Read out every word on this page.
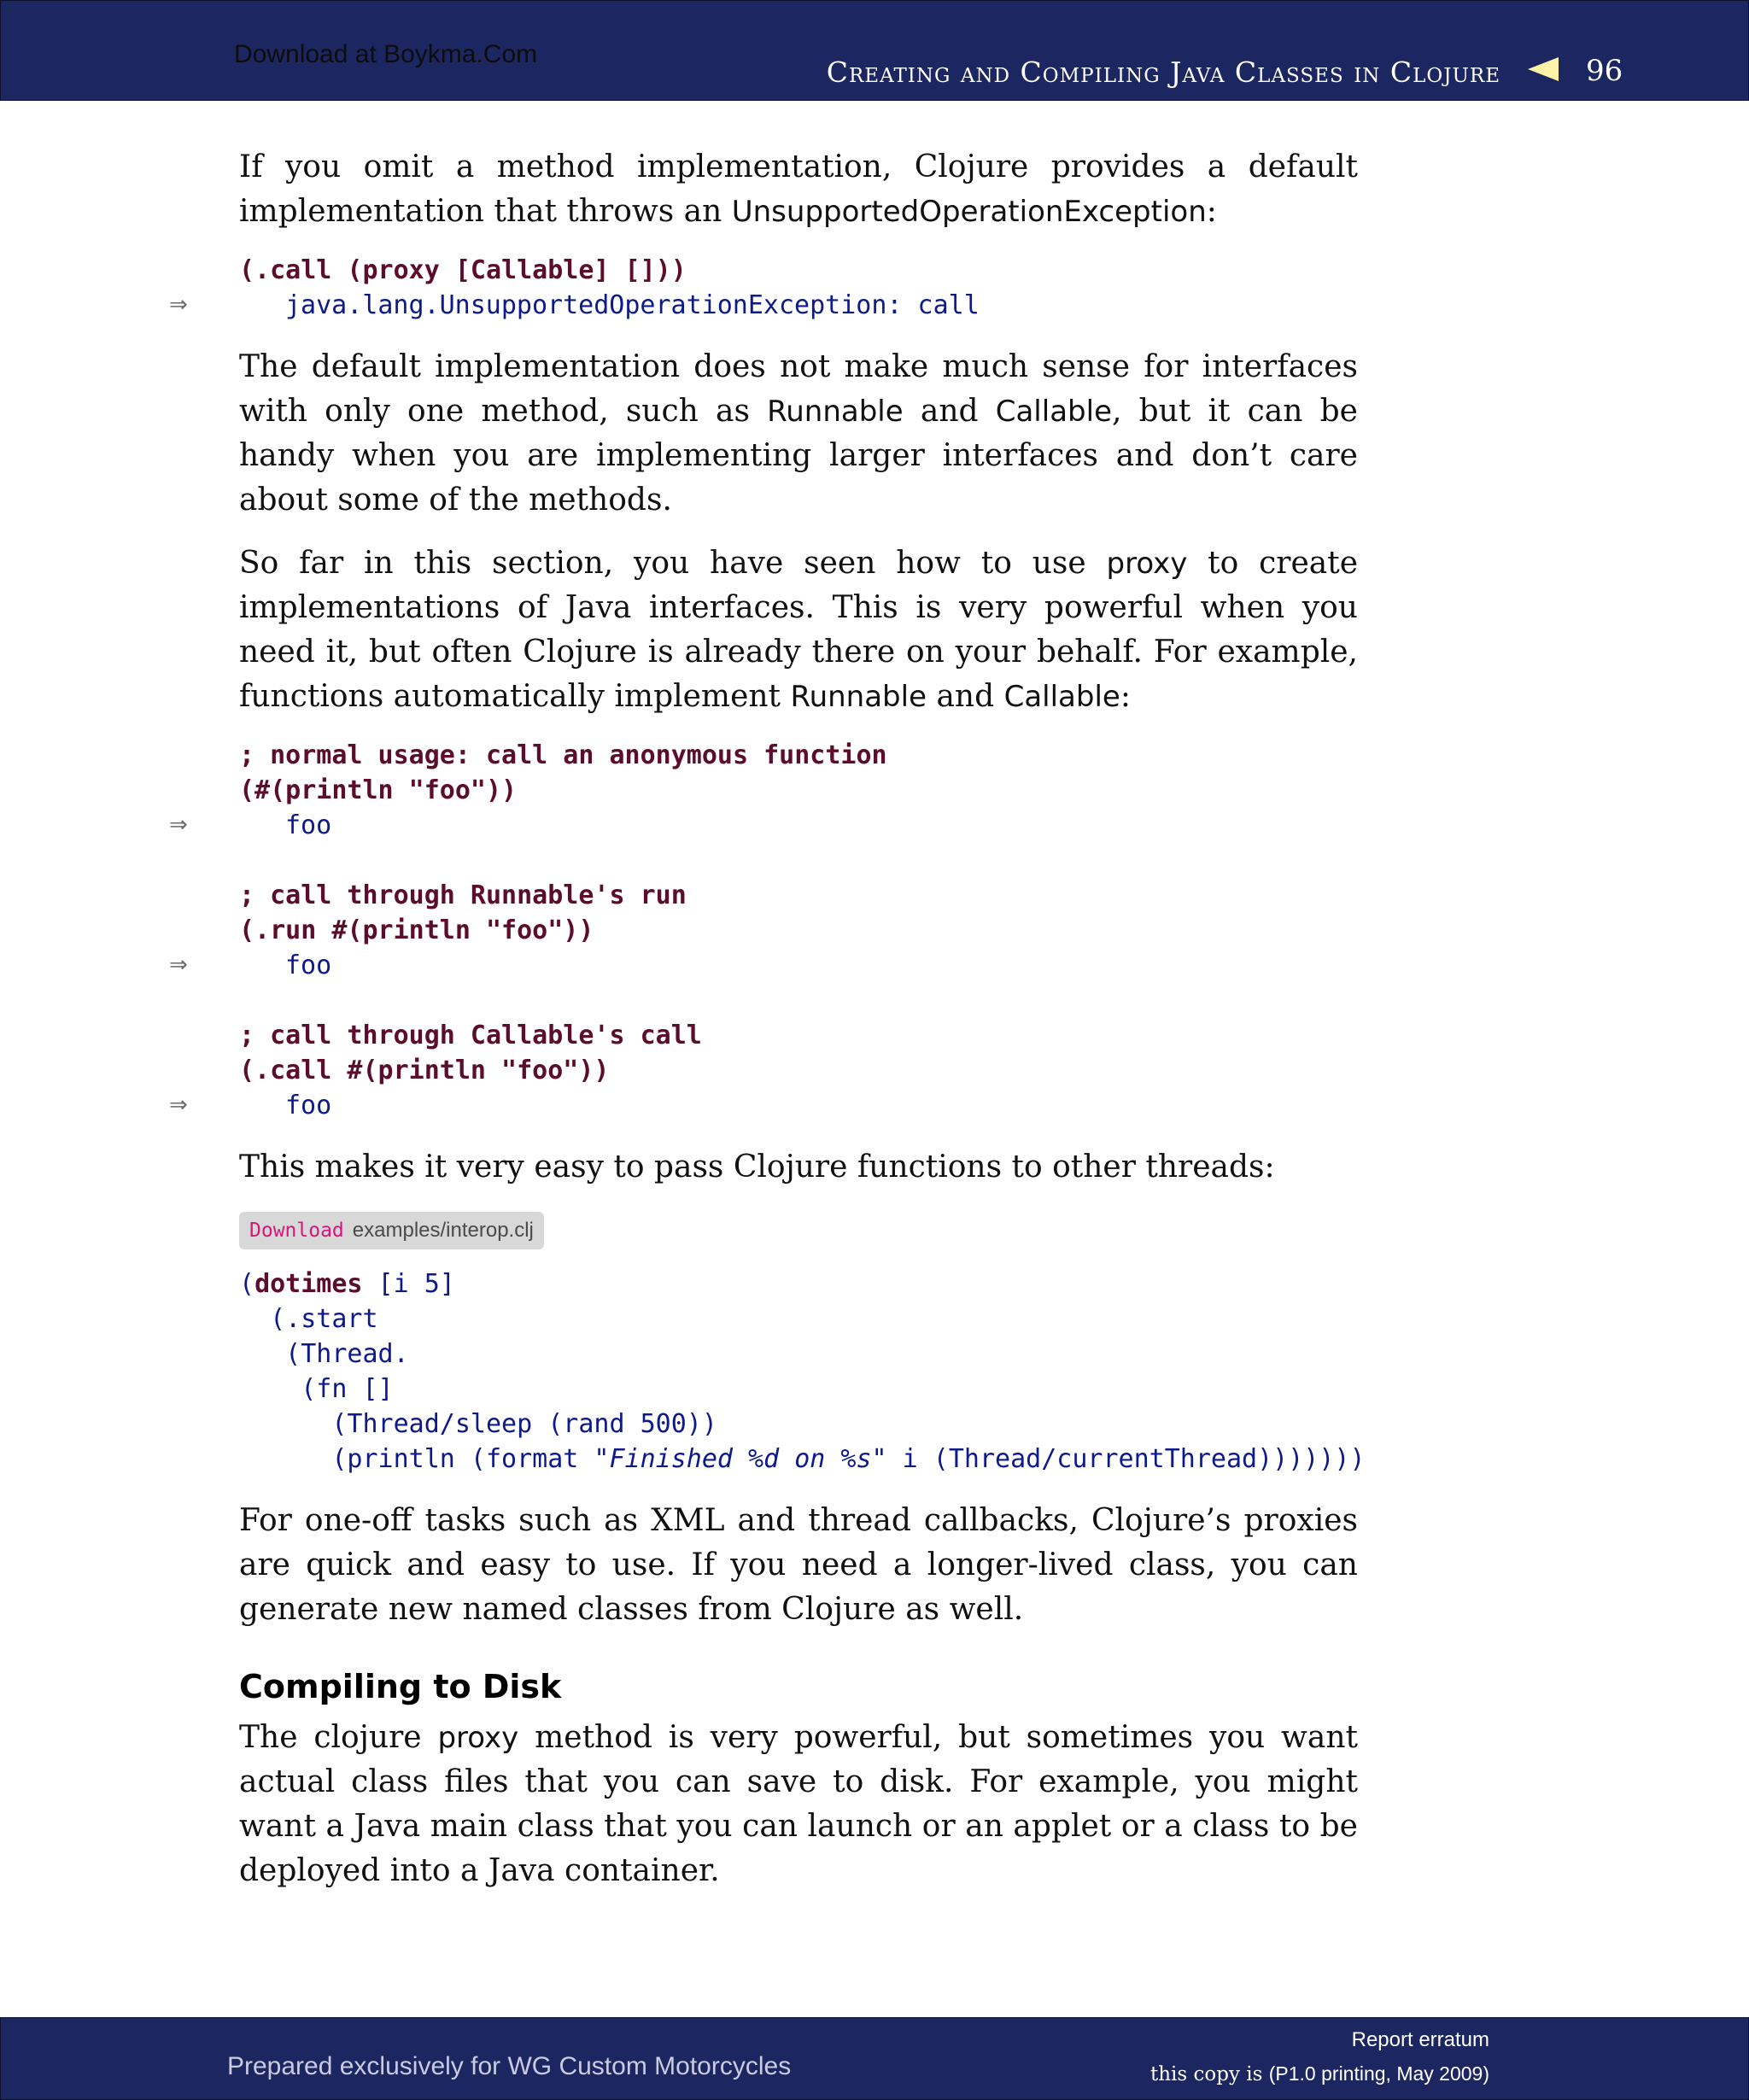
Download at Boykma.Com
Creating and Compiling Java Classes in Clojure	96

If you omit a method implementation, Clojure provides a default implementation that throws an UnsupportedOperationException:

(.call (proxy [Callable] []))
⇒	java.lang.UnsupportedOperationException: call

The default implementation does not make much sense for interfaces with only one method, such as Runnable and Callable, but it can be handy when you are implementing larger interfaces and don’t care about some of the methods.

So far in this section, you have seen how to use proxy to create implementations of Java interfaces. This is very powerful when you need it, but often Clojure is already there on your behalf. For example, functions automatically implement Runnable and Callable:

; normal usage: call an anonymous function
(#(println "foo"))
⇒	foo
; call through Runnable's run
(.run #(println "foo"))
⇒	foo
; call through Callable's call
(.call #(println "foo"))
⇒	foo

This makes it very easy to pass Clojure functions to other threads:

Download examples/interop.clj
(dotimes [i 5]
(.start
(Thread.
(fn []
(Thread/sleep (rand 500))
(println (format "Finished %d on %s" i (Thread/currentThread)))))))

For one-off tasks such as XML and thread callbacks, Clojure’s proxies are quick and easy to use. If you need a longer-lived class, you can generate new named classes from Clojure as well.

Compiling to Disk

The clojure proxy method is very powerful, but sometimes you want actual class files that you can save to disk. For example, you might want a Java main class that you can launch or an applet or a class to be deployed into a Java container.

Prepared exclusively for WG Custom Motorcycles
Report erratum
this copy is (P1.0 printing, May 2009)
